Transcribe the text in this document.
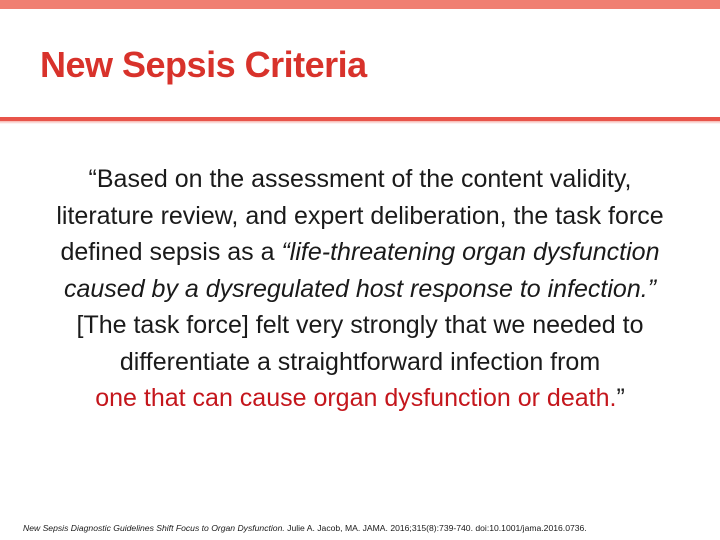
New Sepsis Criteria
“Based on the assessment of the content validity,
literature review, and expert deliberation, the task force
defined sepsis as a “life-threatening organ dysfunction
caused by a dysregulated host response to infection.”
[The task force] felt very strongly that we needed to
differentiate a straightforward infection from
one that can cause organ dysfunction or death.”
New Sepsis Diagnostic Guidelines Shift Focus to Organ Dysfunction. Julie A. Jacob, MA. JAMA. 2016;315(8):739-740. doi:10.1001/jama.2016.0736.
